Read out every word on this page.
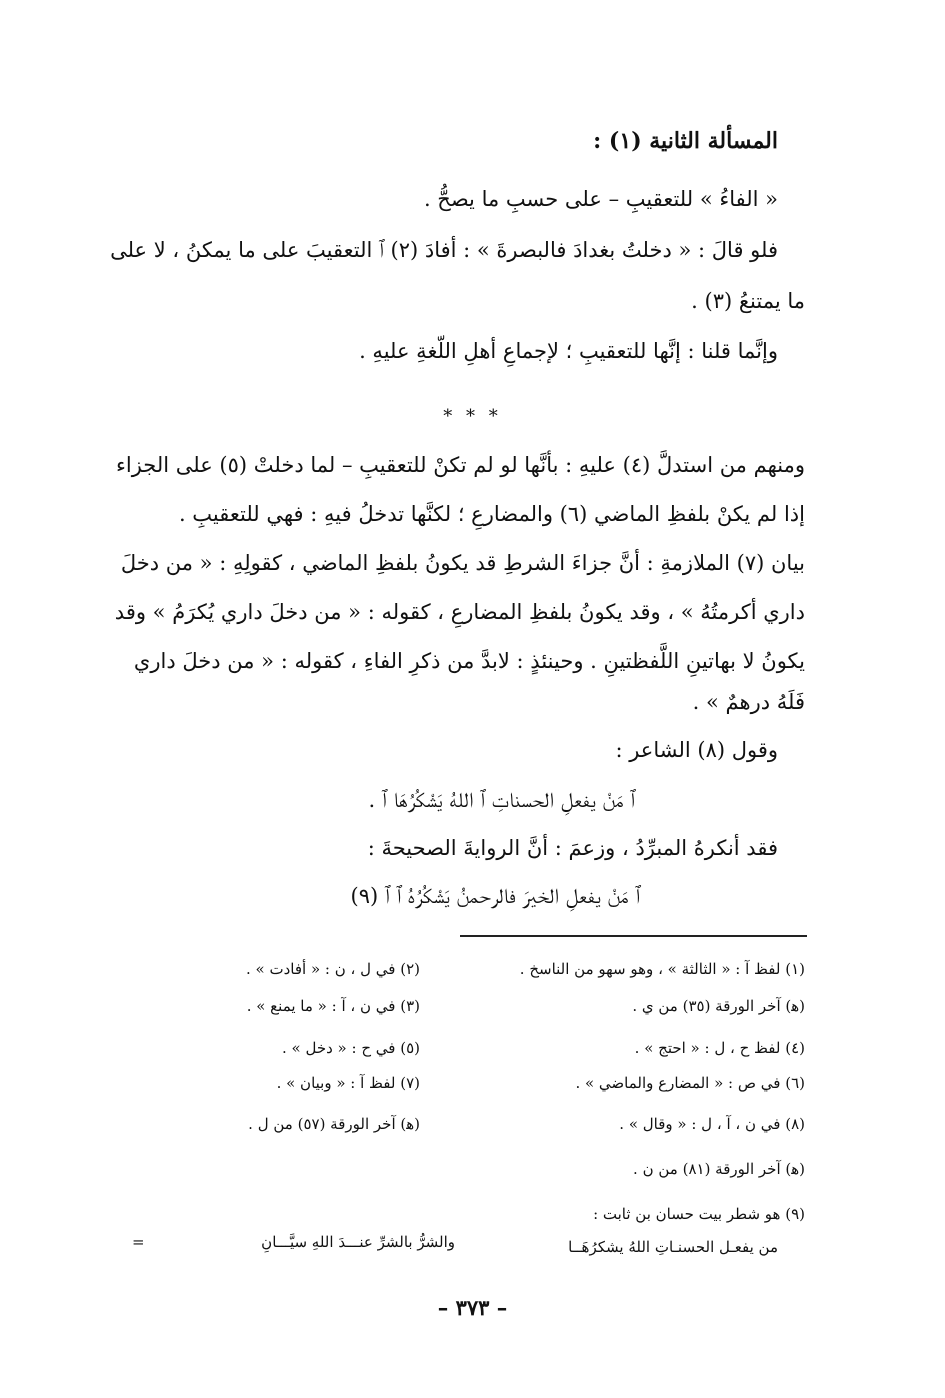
المسألة الثانية (١) :
« الفاءُ » للتعقيبِ – على حسبِ ما يصحُّ .
فلو قالَ : « دخلتُ بغدادَ فالبصرةَ » : أفادَ (٢) ﭐ التعقيبَ على ما يمكنُ ، لا على
ما يمتنعُ (٣) .
وإنَّما قلنا : إنَّها للتعقيبِ ؛ لإجماعِ أهلِ اللّغةِ عليهِ .
* * *
ومنهم من استدلَّ (٤) عليهِ : بأنَّها لو لم تكنْ للتعقيبِ – لما دخلتْ (٥) على الجزاء
إذا لم يكنْ بلفظِ الماضي (٦) والمضارعِ ؛ لكنَّها تدخلُ فيهِ : فهي للتعقيبِ .
بيان (٧) الملازمةِ : أنَّ جزاءَ الشرطِ قد يكونُ بلفظِ الماضي ، كقولِهِ : « من دخلَ
داري أكرمتُهُ » ، وقد يكونُ بلفظِ المضارعِ ، كقوله : « من دخلَ داري يُكرَمُ » وقد
يكونُ لا بهاتينِ اللَّفظتينِ . وحينئذٍ : لابدَّ من ذكرِ الفاءِ ، كقوله : « من دخلَ داري
فَلَهُ درهمٌ » .
وقول (٨) الشاعر :
ﭐ مَنْ يفعلِ الحسناتِ ﭐ اللهُ يَشْكُرُهَا ﭐ .
فقد أنكرهُ المبرِّدُ ، وزعمَ : أنَّ الروايةَ الصحيحةَ :
ﭐ مَنْ يفعلِ الخيرَ فالرحمنُ يَشْكُرُهُ ﭐ ﭐ (٩)
(١) لفظ آ : « الثالثة » ، وهو سهو من الناسخ .
(ﻫ) آخر الورقة (٣٥) من ي .
(٤) لفظ ح ، ل : « احتج » .
(٦) في ص : « المضارع والماضي » .
(٨) في ن ، آ ، ل : « وقال » .
(ﻫ) آخر الورقة (٨١) من ن .
(٩) هو شطر بيت حسان بن ثابت :
(٢) في ل ، ن : « أفادت » .
(٣) في ن ، آ : « ما يمنع » .
(٥) في ح : « دخل » .
(٧) لفظ آ : « وبيان » .
(ﻫ) آخر الورقة (٥٧) من ل .
من يفعـل الحسنـاتِ اللهُ يشكرُهَــا
والشرُّ بالشرِّ عنـــدَ اللهِ سيَّـــانِ
=
– ٣٧٣ –
